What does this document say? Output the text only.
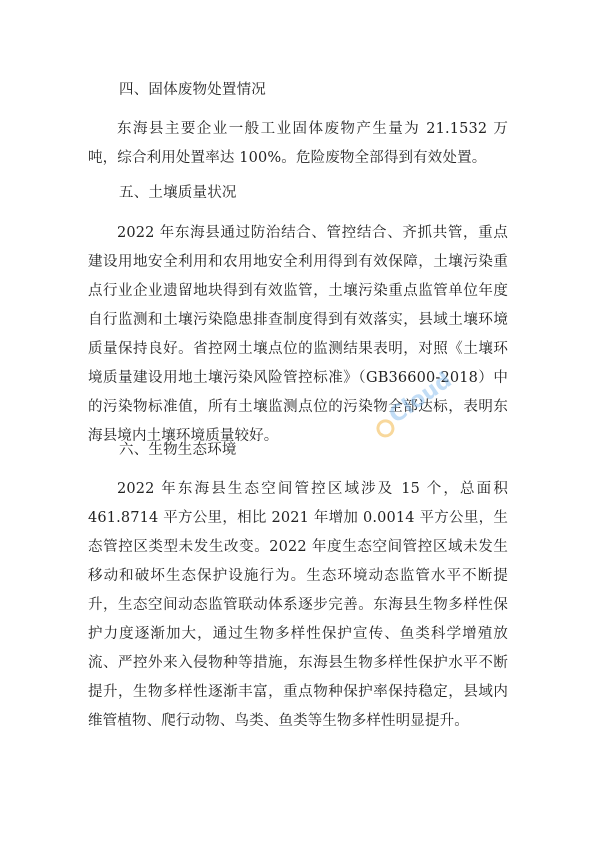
四、固体废物处置情况
东海县主要企业一般工业固体废物产生量为 21.1532 万吨，综合利用处置率达 100%。危险废物全部得到有效处置。
五、土壤质量状况
2022 年东海县通过防治结合、管控结合、齐抓共管，重点建设用地安全利用和农用地安全利用得到有效保障，土壤污染重点行业企业遗留地块得到有效监管，土壤污染重点监管单位年度自行监测和土壤污染隐患排查制度得到有效落实，县域土壤环境质量保持良好。省控网土壤点位的监测结果表明，对照《土壤环境质量建设用地土壤污染风险管控标准》（GB36600-2018）中的污染物标准值，所有土壤监测点位的污染物全部达标，表明东海县境内土壤环境质量较好。
六、生物生态环境
2022 年东海县生态空间管控区域涉及 15 个，总面积 461.8714 平方公里，相比 2021 年增加 0.0014 平方公里，生态管控区类型未发生改变。2022 年度生态空间管控区域未发生移动和破坏生态保护设施行为。生态环境动态监管水平不断提升，生态空间动态监管联动体系逐步完善。东海县生物多样性保护力度逐渐加大，通过生物多样性保护宣传、鱼类科学增殖放流、严控外来入侵物种等措施，东海县生物多样性保护水平不断提升，生物多样性逐渐丰富，重点物种保护率保持稳定，县域内维管植物、爬行动物、鸟类、鱼类等生物多样性明显提升。
Cloud
